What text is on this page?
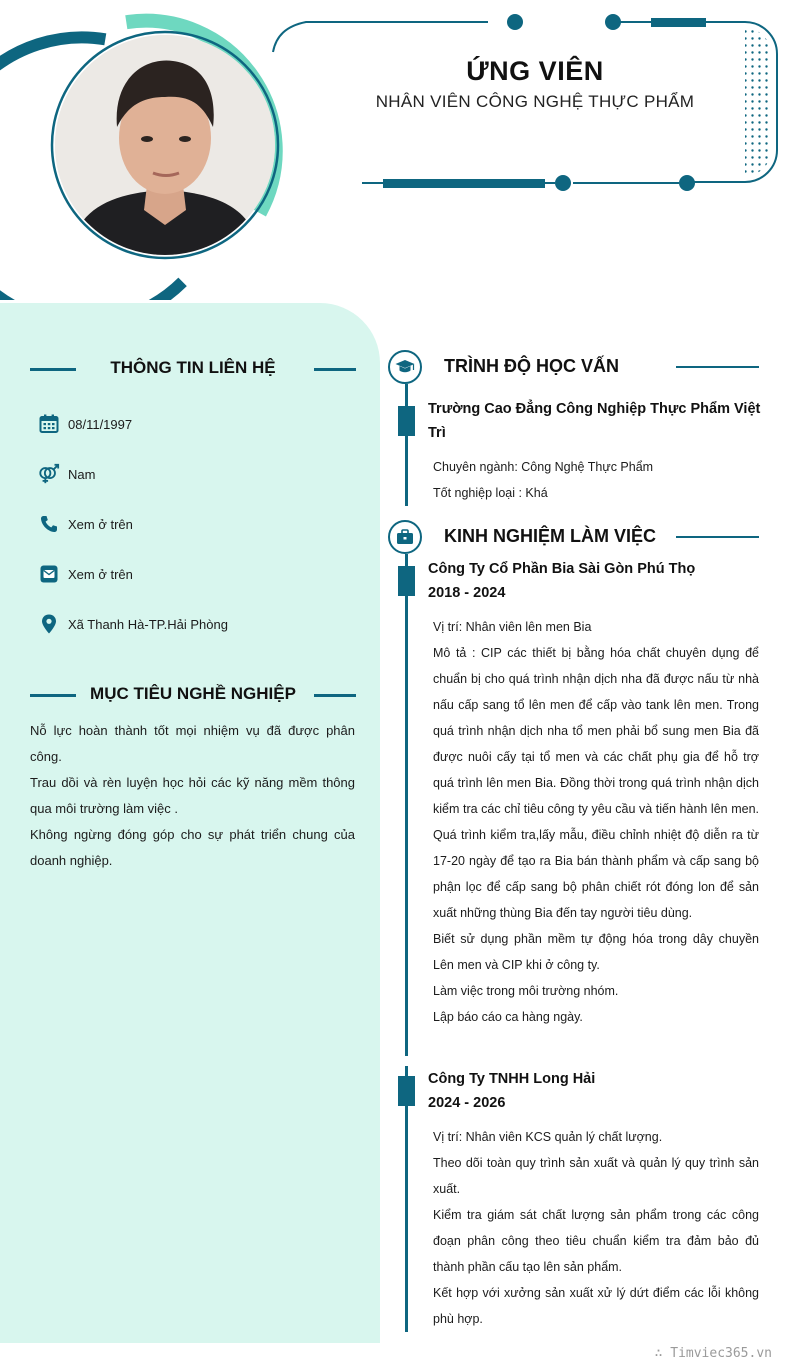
ỨNG VIÊN
NHÂN VIÊN CÔNG NGHỆ THỰC PHẨM
THÔNG TIN LIÊN HỆ
08/11/1997
Nam
Xem ở trên
Xem ở trên
Xã Thanh Hà-TP.Hải Phòng
MỤC TIÊU NGHỀ NGHIỆP

Nỗ lực hoàn thành tốt mọi nhiệm vụ đã được phân công.

Trau dồi và rèn luyện học hỏi các kỹ năng mềm thông qua môi trường làm việc .

Không ngừng đóng góp cho sự phát triển chung của doanh nghiệp.

TRÌNH ĐỘ HỌC VẤN
Trường Cao Đẳng Công Nghiệp Thực Phẩm Việt Trì

Chuyên ngành: Công Nghệ Thực Phẩm

Tốt nghiệp loại : Khá

KINH NGHIỆM LÀM VIỆC
Công Ty Cổ Phần Bia Sài Gòn Phú Thọ
2018 - 2024

Vị trí: Nhân viên lên men Bia

Mô tả : CIP các thiết bị bằng hóa chất chuyên dụng để chuẩn bị cho quá trình nhận dịch nha đã được nấu từ nhà nấu cấp sang tổ lên men để cấp vào tank lên men. Trong quá trình nhận dịch nha tổ men phải bổ sung men Bia đã được nuôi cấy tại tổ men và các chất phụ gia để hỗ trợ quá trình lên men Bia. Đồng thời trong quá trình nhận dịch kiểm tra các chỉ tiêu công ty yêu cầu và tiến hành lên men. Quá trình kiểm tra,lấy mẫu, điều chỉnh nhiệt độ diễn ra từ 17-20 ngày để tạo ra Bia bán thành phẩm và cấp sang bộ phận lọc để cấp sang bộ phân chiết rót đóng lon để sản xuất những thùng Bia đến tay người tiêu dùng.

Biết sử dụng phần mềm tự động hóa trong dây chuyền Lên men và CIP khi ở công ty.

Làm việc trong môi trường nhóm.

Lập báo cáo ca hàng ngày.

Công Ty TNHH Long Hải
2024 - 2026

Vị trí: Nhân viên KCS quản lý chất lượng.

Theo dõi toàn quy trình sản xuất và quản lý quy trình sản xuất.

Kiểm tra giám sát chất lượng sản phẩm trong các công đoạn phân công theo tiêu chuẩn kiểm tra đảm bảo đủ thành phần cấu tạo lên sản phẩm.

Kết hợp với xưởng sản xuất xử lý dứt điểm các lỗi không phù hợp.

∴ Timviec365.vn
